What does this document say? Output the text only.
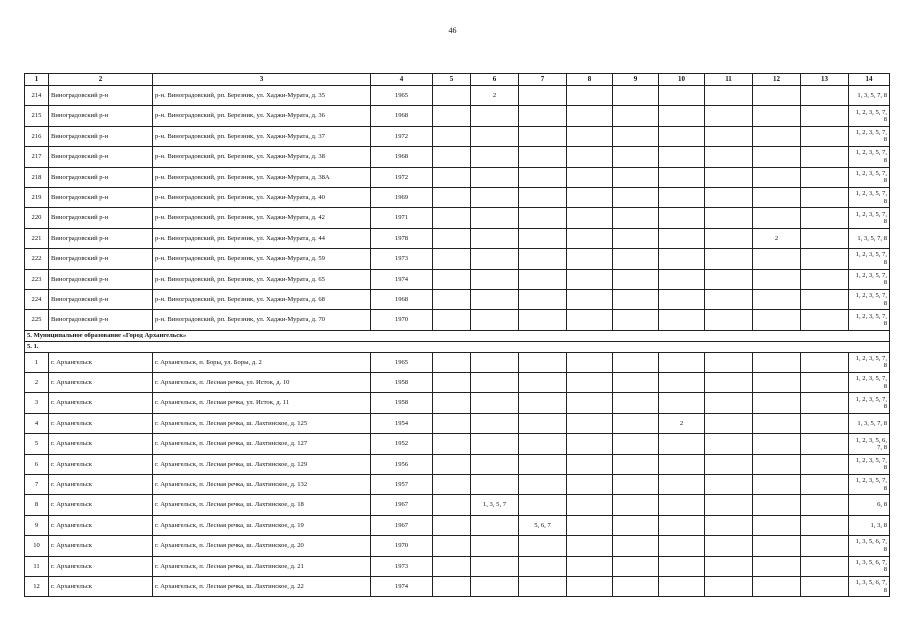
46
1	2	3	4	5	6	7	8	9	10	11	12	13	14
214	Виноградовский р-н	р-н. Виноградовский, рп. Березник, ул. Хаджи-Мурата, д. 35	1965		2								1, 3, 5, 7, 8
215	Виноградовский р-н	р-н. Виноградовский, рп. Березник, ул. Хаджи-Мурата, д. 36	1968										1, 2, 3, 5, 7, 8
216	Виноградовский р-н	р-н. Виноградовский, рп. Березник, ул. Хаджи-Мурата, д. 37	1972										1, 2, 3, 5, 7, 8
217	Виноградовский р-н	р-н. Виноградовский, рп. Березник, ул. Хаджи-Мурата, д. 38	1968										1, 2, 3, 5, 7, 8
218	Виноградовский р-н	р-н. Виноградовский, рп. Березник, ул. Хаджи-Мурата, д. 38А	1972										1, 2, 3, 5, 7, 8
219	Виноградовский р-н	р-н. Виноградовский, рп. Березник, ул. Хаджи-Мурата, д. 40	1969										1, 2, 3, 5, 7, 8
220	Виноградовский р-н	р-н. Виноградовский, рп. Березник, ул. Хаджи-Мурата, д. 42	1971										1, 2, 3, 5, 7, 8
221	Виноградовский р-н	р-н. Виноградовский, рп. Березник, ул. Хаджи-Мурата, д. 44	1978								2		1, 3, 5, 7, 8
222	Виноградовский р-н	р-н. Виноградовский, рп. Березник, ул. Хаджи-Мурата, д. 59	1973										1, 2, 3, 5, 7, 8
223	Виноградовский р-н	р-н. Виноградовский, рп. Березник, ул. Хаджи-Мурата, д. 65	1974										1, 2, 3, 5, 7, 8
224	Виноградовский р-н	р-н. Виноградовский, рп. Березник, ул. Хаджи-Мурата, д. 68	1968										1, 2, 3, 5, 7, 8
225	Виноградовский р-н	р-н. Виноградовский, рп. Березник, ул. Хаджи-Мурата, д. 70	1970										1, 2, 3, 5, 7, 8
5. Муниципальное образование «Город Архангельск»													
5. 1.													
1	г. Архангельск	г. Архангельск, п. Боры, ул. Боры, д. 2	1965										1, 2, 3, 5, 7, 8
2	г. Архангельск	г. Архангельск, п. Лесная речка, ул. Исток, д. 10	1958										1, 2, 3, 5, 7, 8
3	г. Архангельск	г. Архангельск, п. Лесная речка, ул. Исток, д. 11	1958										1, 2, 3, 5, 7, 8
4	г. Архангельск	г. Архангельск, п. Лесная речка, ш. Лахтинское, д. 125	1954						2				1, 3, 5, 7, 8
5	г. Архангельск	г. Архангельск, п. Лесная речка, ш. Лахтинское, д. 127	1952										1, 2, 3, 5, 6, 7, 8
6	г. Архангельск	г. Архангельск, п. Лесная речка, ш. Лахтинское, д. 129	1956										1, 2, 3, 5, 7, 8
7	г. Архангельск	г. Архангельск, п. Лесная речка, ш. Лахтинское, д. 132	1957										1, 2, 3, 5, 7, 8
8	г. Архангельск	г. Архангельск, п. Лесная речка, ш. Лахтинское, д. 18	1967		1, 3, 5, 7								6, 8
9	г. Архангельск	г. Архангельск, п. Лесная речка, ш. Лахтинское, д. 19	1967			5, 6, 7							1, 3, 8
10	г. Архангельск	г. Архангельск, п. Лесная речка, ш. Лахтинское, д. 20	1970										1, 3, 5, 6, 7, 8
11	г. Архангельск	г. Архангельск, п. Лесная речка, ш. Лахтинское, д. 21	1973										1, 3, 5, 6, 7, 8
12	г. Архангельск	г. Архангельск, п. Лесная речка, ш. Лахтинское, д. 22	1974										1, 3, 5, 6, 7, 8
